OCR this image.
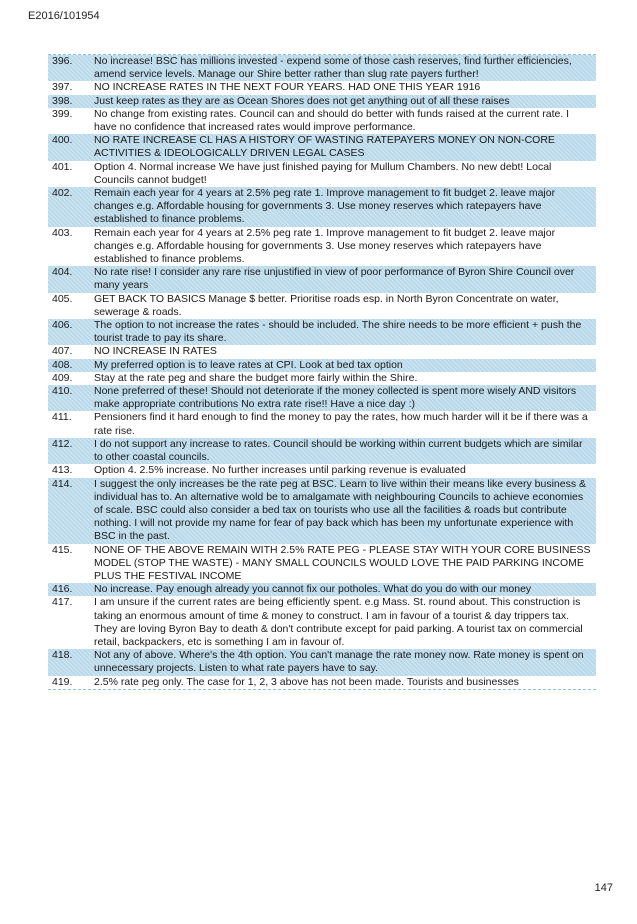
E2016/101954
396.	No increase! BSC has millions invested - expend some of those cash reserves, find further efficiencies, amend service levels. Manage our Shire better rather than slug rate payers further!
397.	NO INCREASE RATES IN THE NEXT FOUR YEARS. HAD ONE THIS YEAR 1916
398.	Just keep rates as they are as Ocean Shores does not get anything out of all these raises
399.	No change from existing rates. Council can and should do better with funds raised at the current rate. I have no confidence that increased rates would improve performance.
400.	NO RATE INCREASE CL HAS A HISTORY OF WASTING RATEPAYERS MONEY ON NON-CORE ACTIVITIES & IDEOLOGICALLY DRIVEN LEGAL CASES
401.	Option 4. Normal increase We have just finished paying for Mullum Chambers. No new debt! Local Councils cannot budget!
402.	Remain each year for 4 years at 2.5% peg rate 1. Improve management to fit budget 2. leave major changes e.g. Affordable housing for governments 3. Use money reserves which ratepayers have established to finance problems.
403.	Remain each year for 4 years at 2.5% peg rate 1. Improve management to fit budget 2. leave major changes e.g. Affordable housing for governments 3. Use money reserves which ratepayers have established to finance problems.
404.	No rate rise! I consider any rare rise unjustified in view of poor performance of Byron Shire Council over many years
405.	GET BACK TO BASICS Manage $ better. Prioritise roads esp. in North Byron Concentrate on water, sewerage & roads.
406.	The option to not increase the rates - should be included. The shire needs to be more efficient + push the tourist trade to pay its share.
407.	NO INCREASE IN RATES
408.	My preferred option is to leave rates at CPI. Look at bed tax option
409.	Stay at the rate peg and share the budget more fairly within the Shire.
410.	None preferred of these! Should not deteriorate if the money collected is spent more wisely AND visitors make appropriate contributions No extra rate rise!! Have a nice day :)
411.	Pensioners find it hard enough to find the money to pay the rates, how much harder will it be if there was a rate rise.
412.	I do not support any increase to rates. Council should be working within current budgets which are similar to other coastal councils.
413.	Option 4. 2.5% increase. No further increases until parking revenue is evaluated
414.	I suggest the only increases be the rate peg at BSC. Learn to live within their means like every business & individual has to. An alternative wold be to amalgamate with neighbouring Councils to achieve economies of scale. BSC could also consider a bed tax on tourists who use all the facilities & roads but contribute nothing. I will not provide my name for fear of pay back which has been my unfortunate experience with BSC in the past.
415.	NONE OF THE ABOVE REMAIN WITH 2.5% RATE PEG - PLEASE STAY WITH YOUR CORE BUSINESS MODEL (STOP THE WASTE) - MANY SMALL COUNCILS WOULD LOVE THE PAID PARKING INCOME PLUS THE FESTIVAL INCOME
416.	No increase. Pay enough already you cannot fix our potholes. What do you do with our money
417.	I am unsure if the current rates are being efficiently spent. e.g Mass. St. round about. This construction is taking an enormous amount of time & money to construct. I am in favour of a tourist & day trippers tax. They are loving Byron Bay to death & don't contribute except for paid parking. A tourist tax on commercial retail, backpackers, etc is something I am in favour of.
418.	Not any of above. Where's the 4th option. You can't manage the rate money now. Rate money is spent on unnecessary projects. Listen to what rate payers have to say.
419.	2.5% rate peg only. The case for 1, 2, 3 above has not been made. Tourists and businesses
147
